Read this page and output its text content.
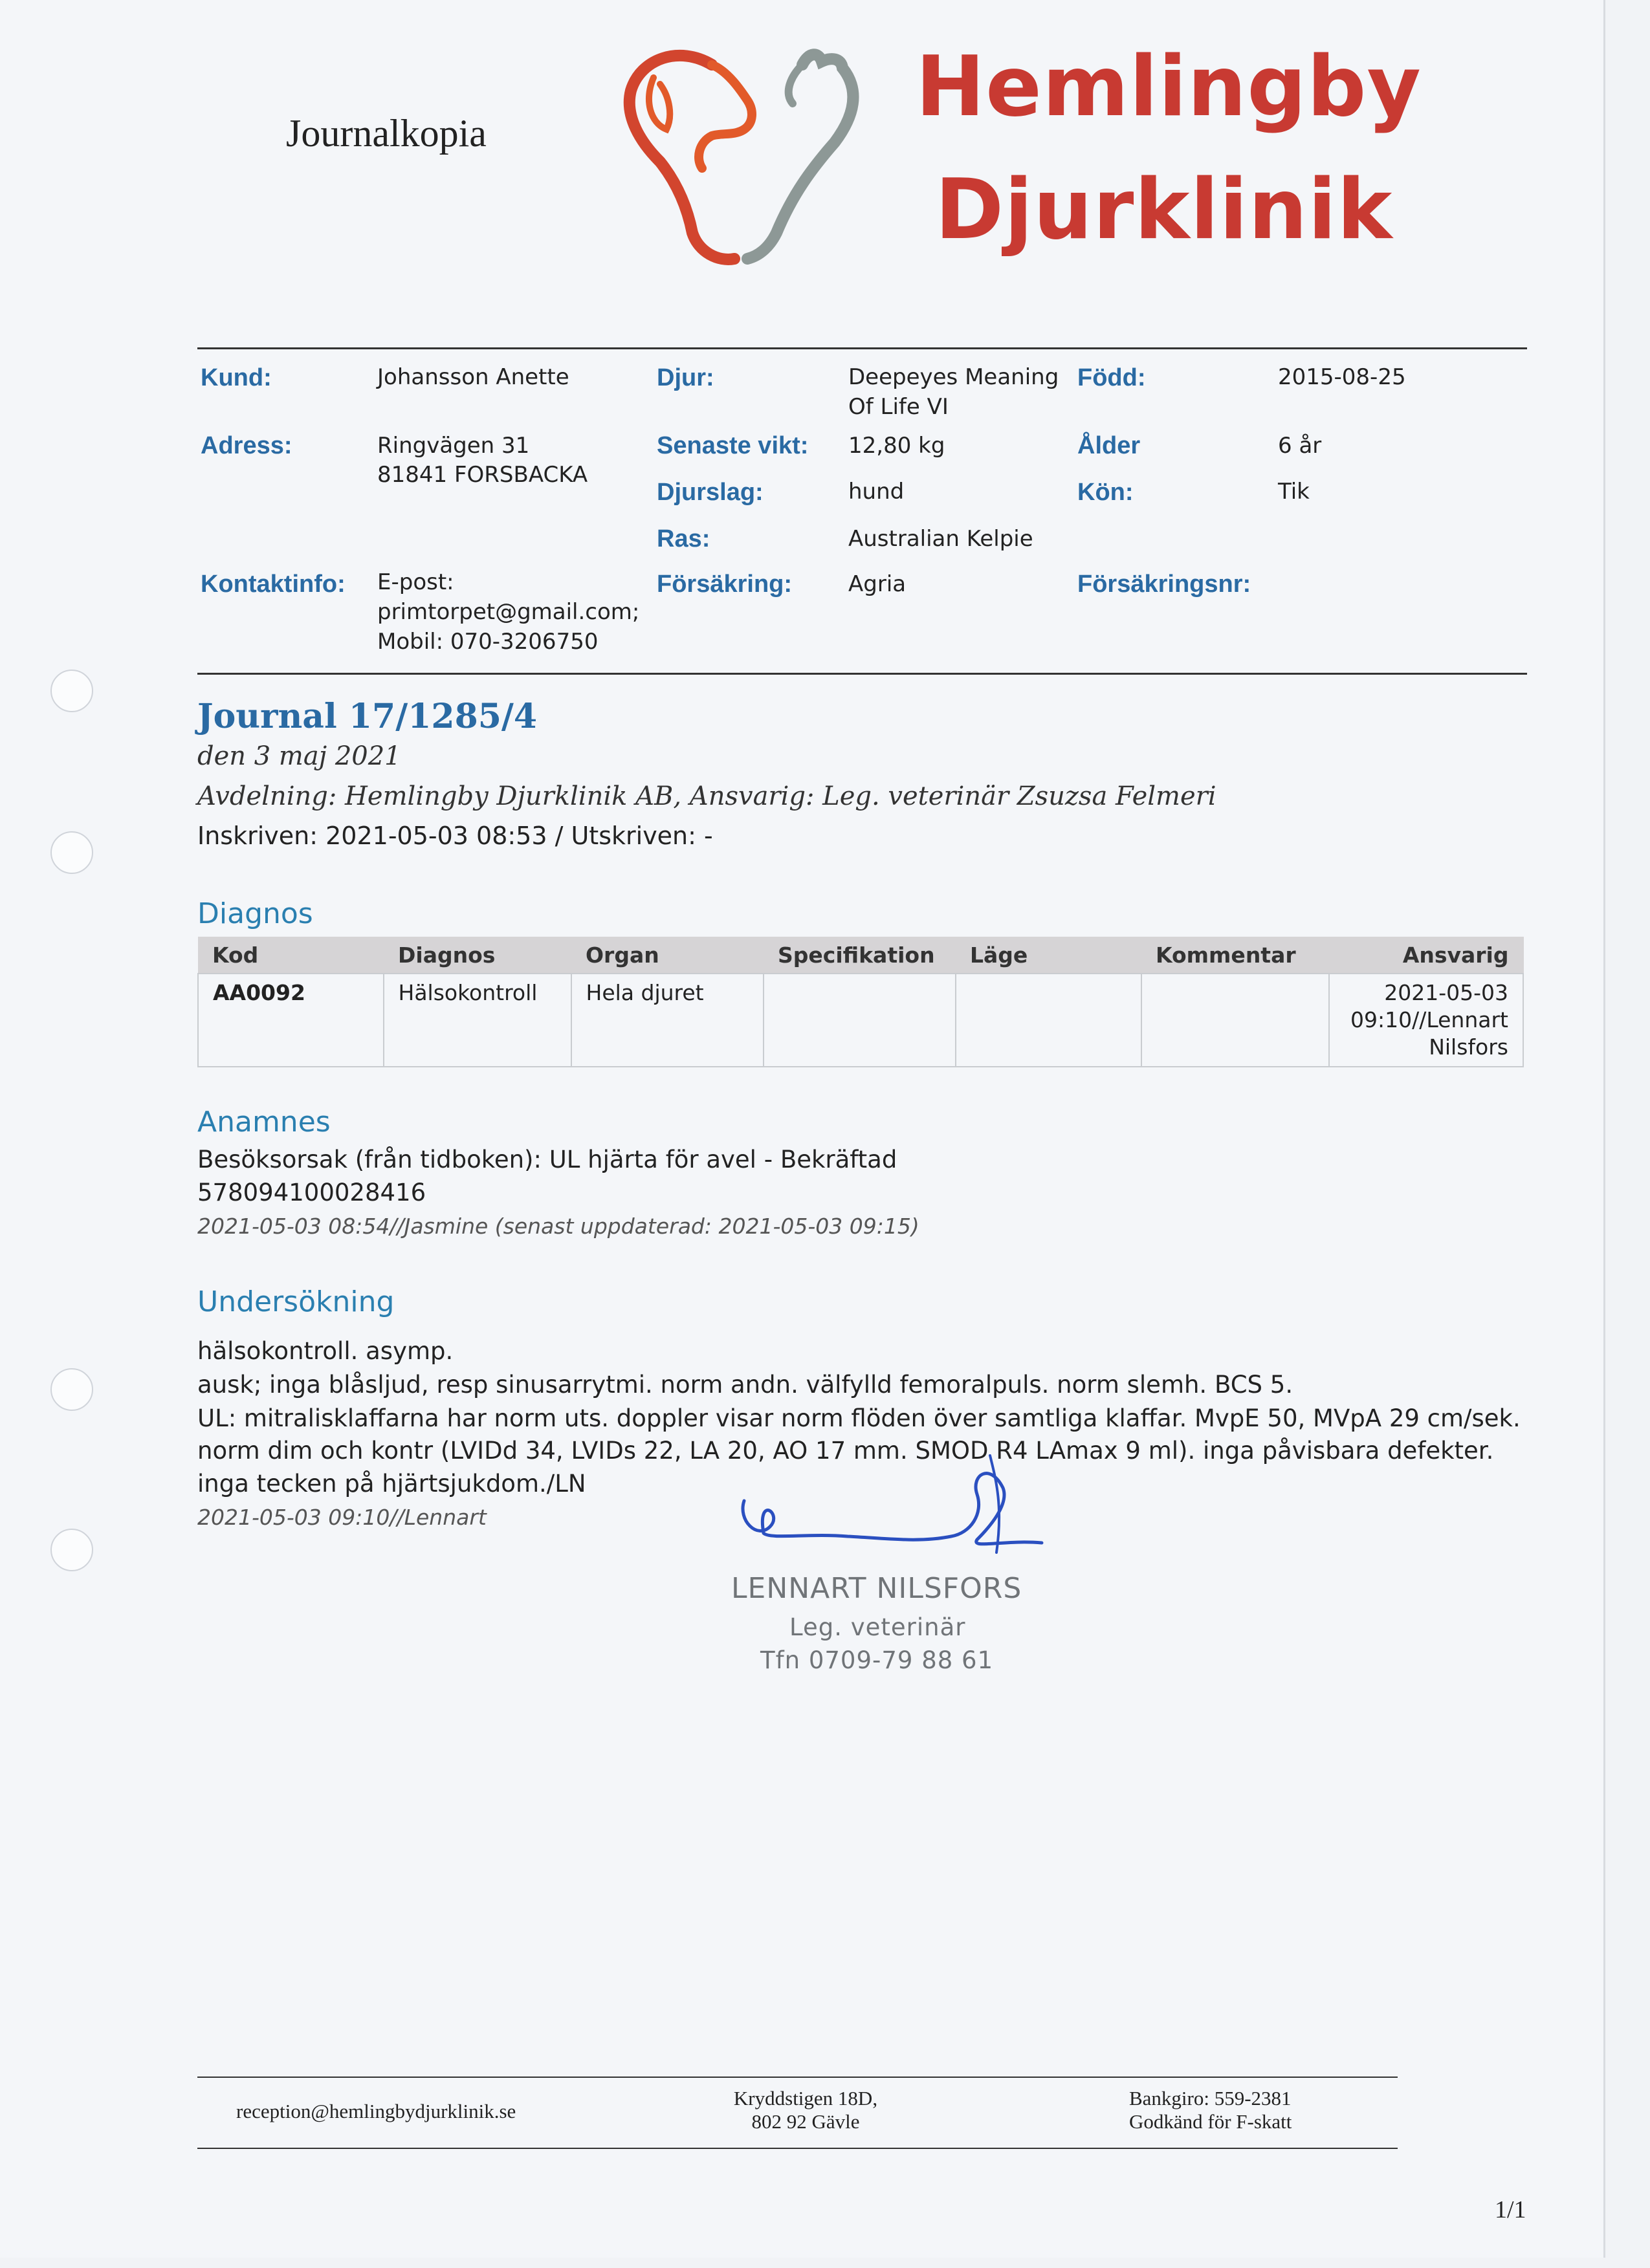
Journalkopia	Hemlingby
Djurklinik
Kund:	Johansson Anette
Adress:	Ringvägen 31
81841 FORSBACKA
Kontaktinfo: E-post:
primtorpet@gmail.com;
Mobil: 070-3206750
Djur:	Deepeyes Meaning
Of Life VI
Senaste vikt: 12,80 kg
Djurslag:	hund
Ras:	Australian Kelpie
Försäkring:	Agria
Född:	2015-08-25
Ålder	6 år
Kön:	Tik
Försäkringsnr:
Journal 17/1285/4
den 3 maj 2021
Avdelning: Hemlingby Djurklinik AB, Ansvarig: Leg. veterinär Zsuzsa Felmeri
Inskriven: 2021-05-03 08:53 / Utskriven: -
Diagnos
Kod	Diagnos	Organ	Specifikation	Läge	Kommentar	Ansvarig
AA0092	Hälsokontroll	Hela djuret				2021-05-03
09:10//Lennart
Nilsfors
Anamnes
Besöksorsak (från tidboken): UL hjärta för avel - Bekräftad
578094100028416
2021-05-03 08:54//Jasmine (senast uppdaterad: 2021-05-03 09:15)
Undersökning
hälsokontroll. asymp.
ausk; inga blåsljud, resp sinusarrytmi. norm andn. välfylld femoralpuls. norm slemh. BCS 5.
UL: mitralisklaffarna har norm uts. doppler visar norm flöden över samtliga klaffar. MvpE 50, MVpA 29 cm/sek.
norm dim och kontr (LVIDd 34, LVIDs 22, LA 20, AO 17 mm. SMOD R4 LAmax 9 ml). inga påvisbara defekter.
inga tecken på hjärtsjukdom./LN
2021-05-03 09:10//Lennart
LENNART NILSFORS
Leg. veterinär
Tfn 0709-79 88 61
reception@hemlingbydjurklinik.se
Kryddstigen 18D,
802 92 Gävle
Bankgiro: 559-2381
Godkänd för F-skatt
1/1
